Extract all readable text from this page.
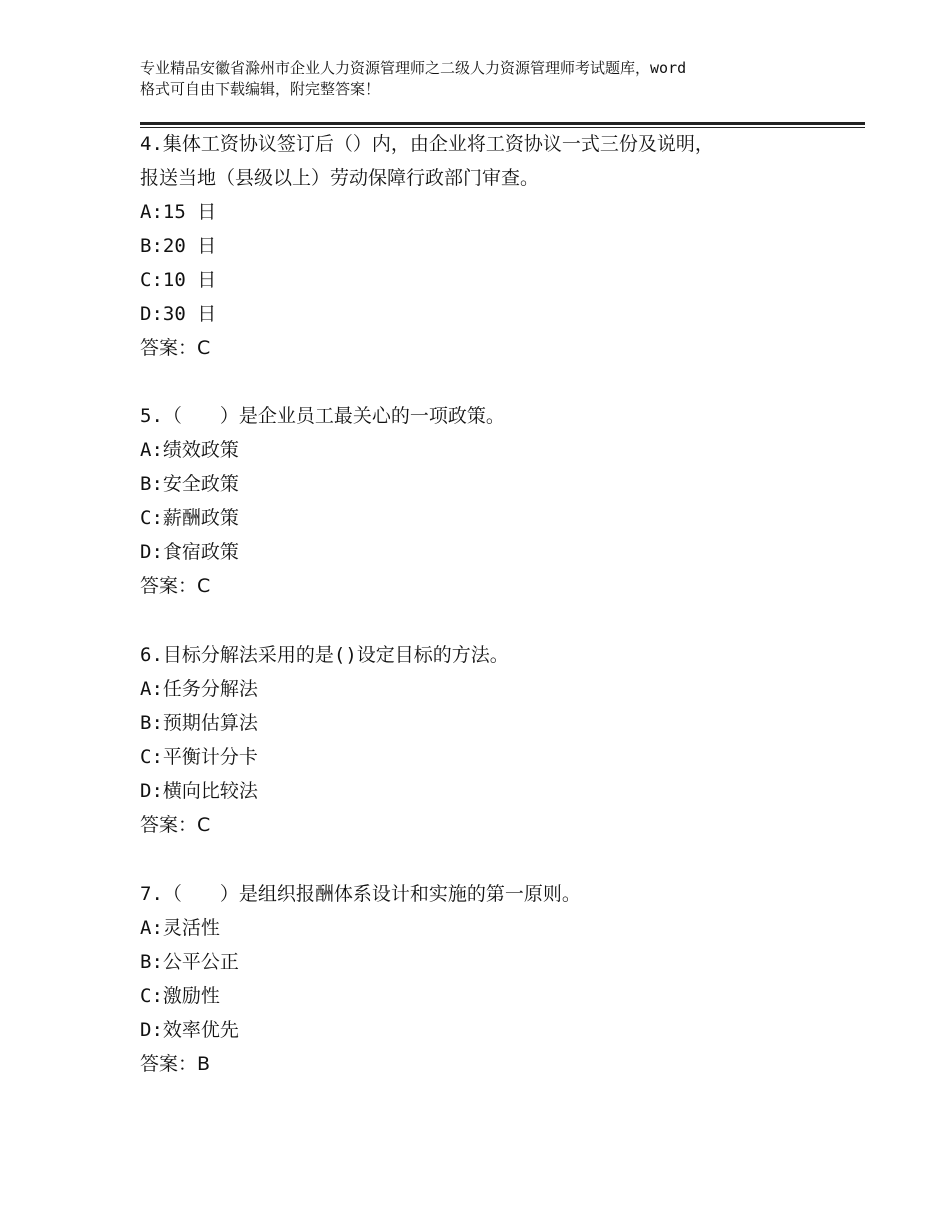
专业精品安徽省滁州市企业人力资源管理师之二级人力资源管理师考试题库，word
格式可自由下载编辑，附完整答案！
4.集体工资协议签订后（）内，由企业将工资协议一式三份及说明，
报送当地（县级以上）劳动保障行政部门审查。
A: 15 日
B: 20 日
C: 10 日
D: 30 日
答案：C
5.（　　）是企业员工最关心的一项政策。
A: 绩效政策
B: 安全政策
C: 薪酬政策
D: 食宿政策
答案：C
6.目标分解法采用的是()设定目标的方法。
A: 任务分解法
B: 预期估算法
C: 平衡计分卡
D: 横向比较法
答案：C
7.（　　）是组织报酬体系设计和实施的第一原则。
A: 灵活性
B: 公平公正
C: 激励性
D: 效率优先
答案：B
